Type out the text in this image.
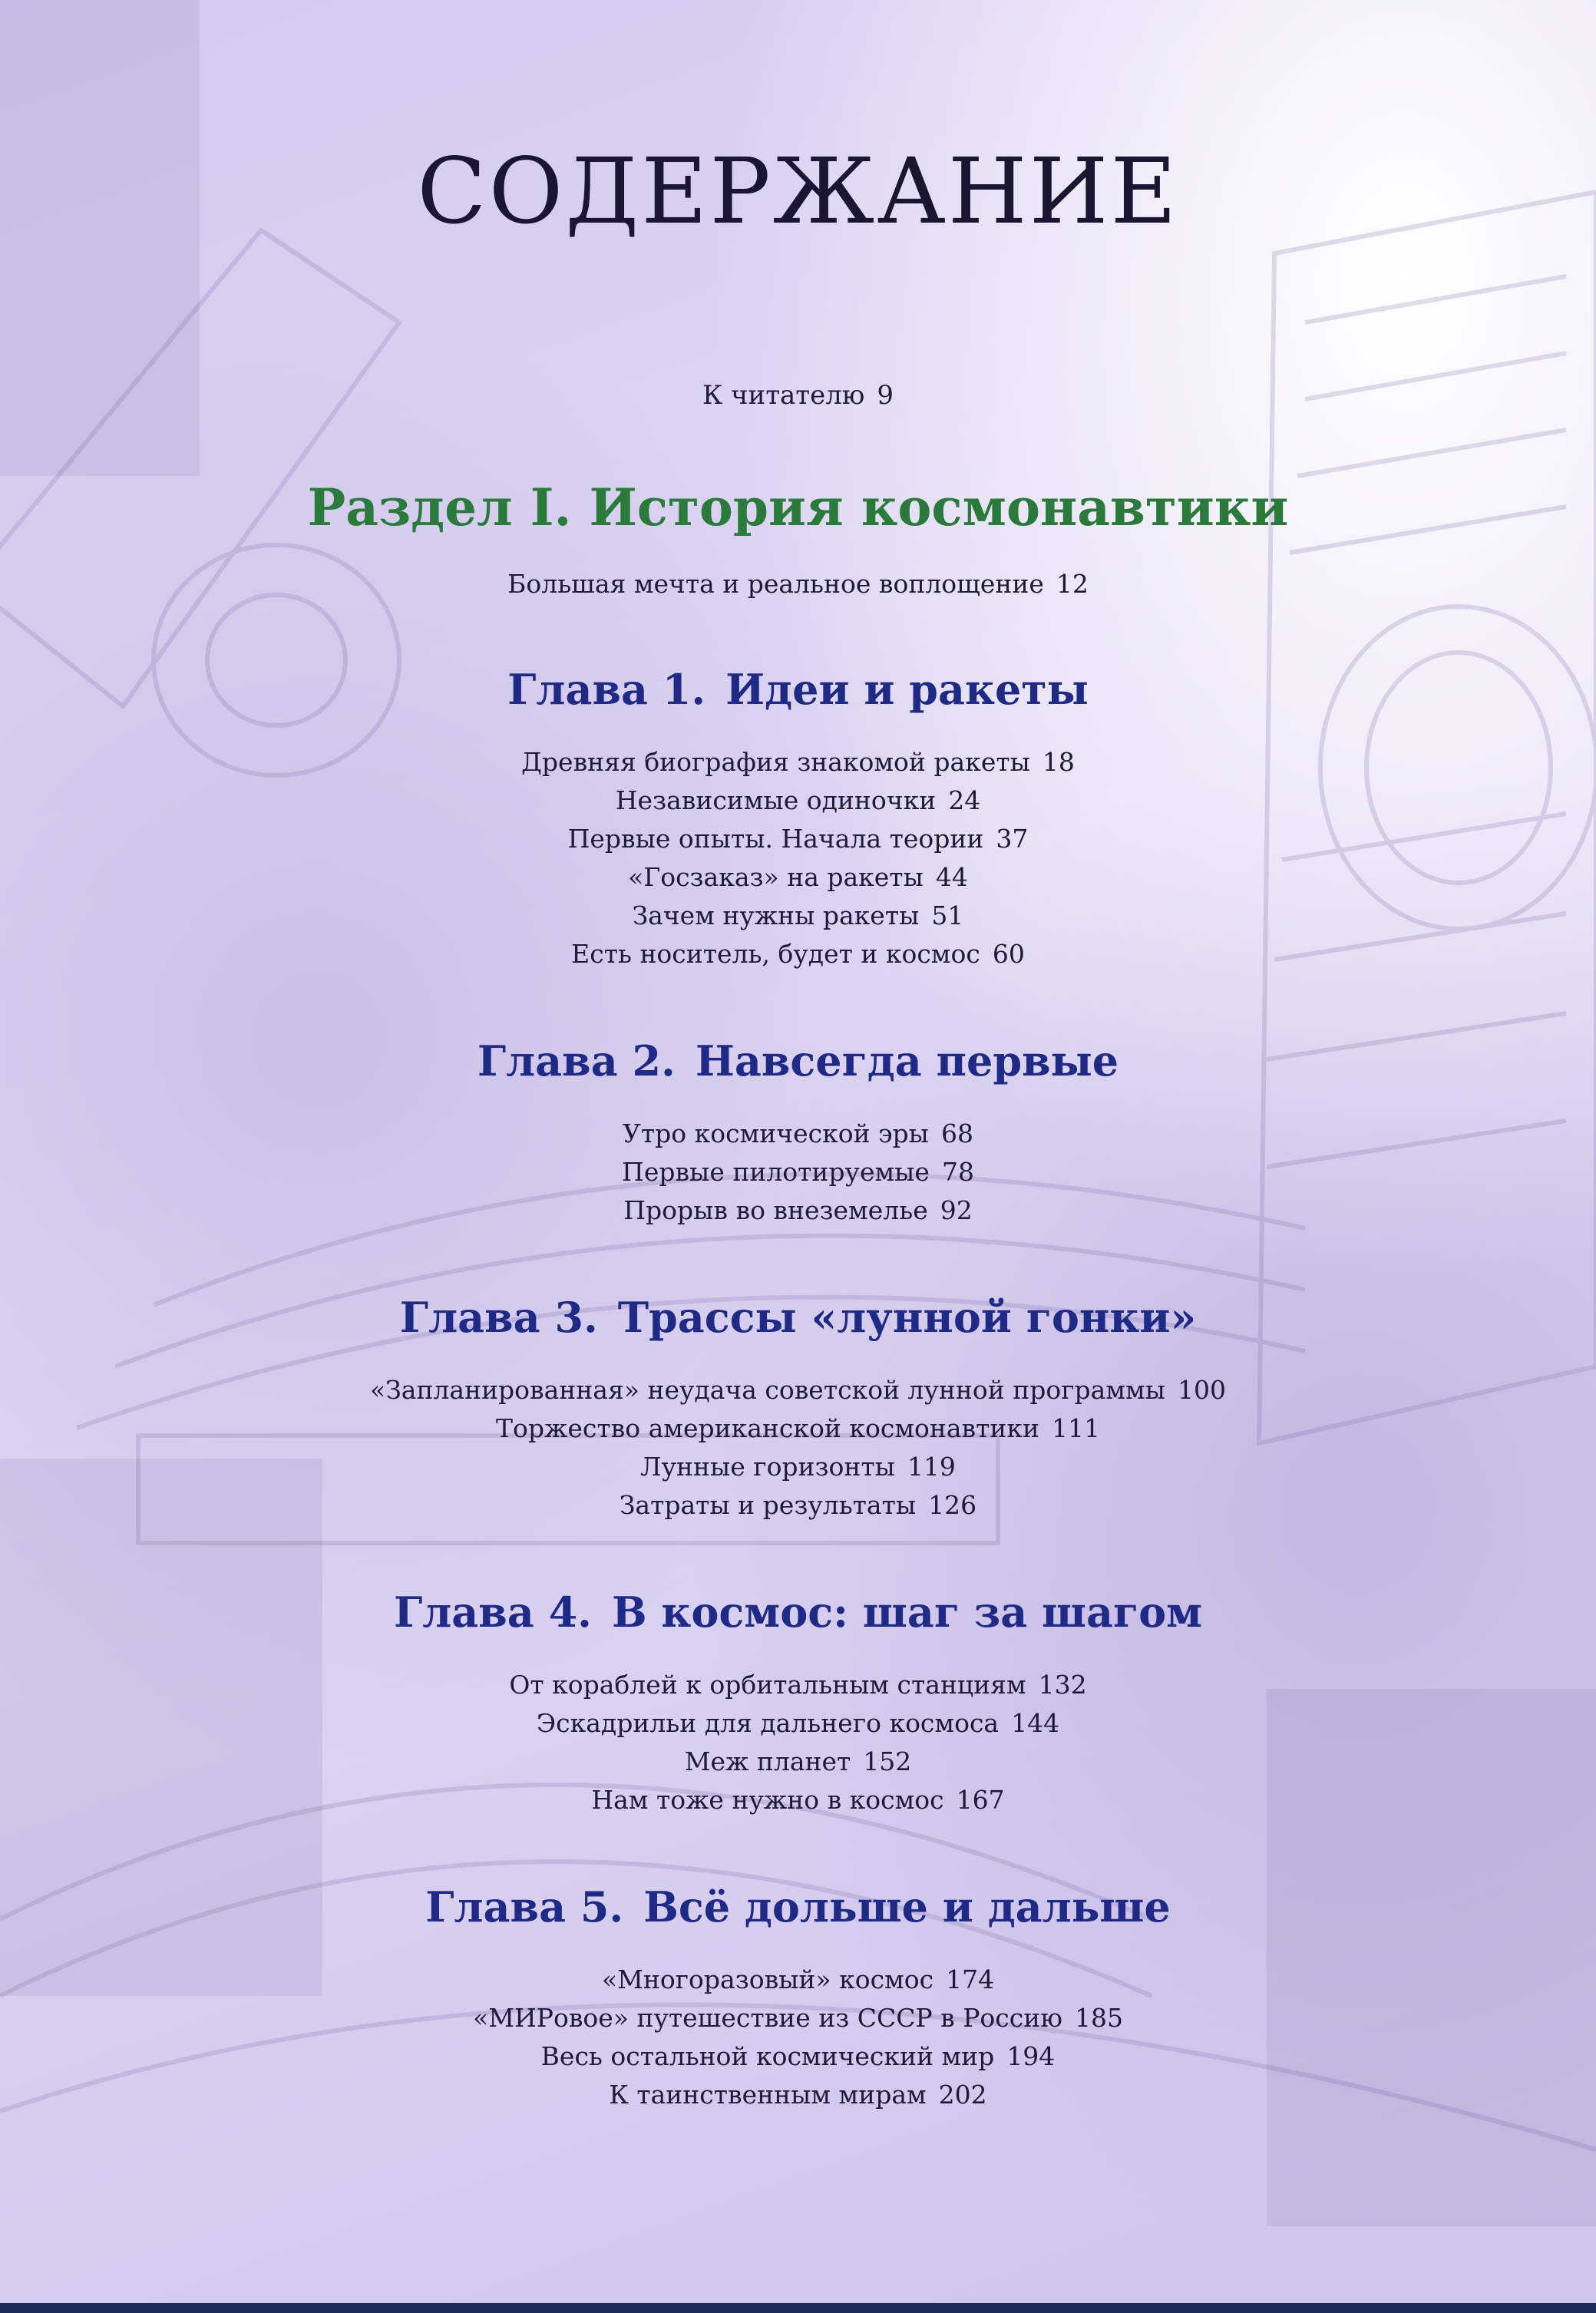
СОДЕРЖАНИЕ
К читателю 9
Раздел I. История космонавтики
Большая мечта и реальное воплощение 12
Глава 1. Идеи и ракеты
Древняя биография знакомой ракеты 18
Независимые одиночки 24
Первые опыты. Начала теории 37
«Госзаказ» на ракеты 44
Зачем нужны ракеты 51
Есть носитель, будет и космос 60
Глава 2. Навсегда первые
Утро космической эры 68
Первые пилотируемые 78
Прорыв во внеземелье 92
Глава 3. Трассы «лунной гонки»
«Запланированная» неудача советской лунной программы 100
Торжество американской космонавтики 111
Лунные горизонты 119
Затраты и результаты 126
Глава 4. В космос: шаг за шагом
От кораблей к орбитальным станциям 132
Эскадрильи для дальнего космоса 144
Меж планет 152
Нам тоже нужно в космос 167
Глава 5. Всё дольше и дальше
«Многоразовый» космос 174
«МИРовое» путешествие из СССР в Россию 185
Весь остальной космический мир 194
К таинственным мирам 202
